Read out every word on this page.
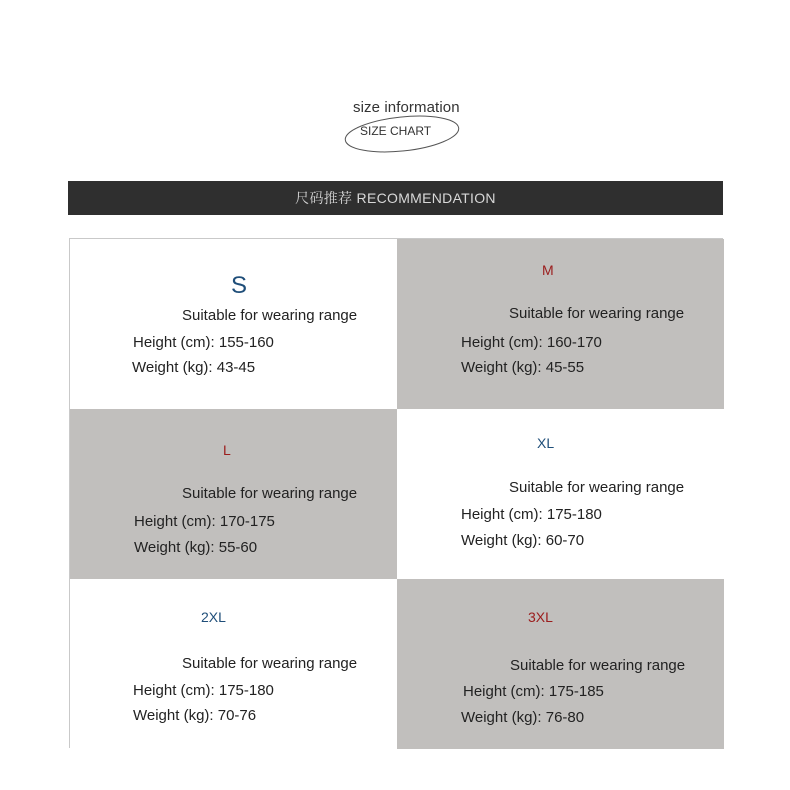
size information
SIZE CHART
尺码推荐 RECOMMENDATION
S
Suitable for wearing range
Height (cm): 155-160
Weight (kg): 43-45
M
Suitable for wearing range
Height (cm): 160-170
Weight (kg): 45-55
L
Suitable for wearing range
Height (cm): 170-175
Weight (kg): 55-60
XL
Suitable for wearing range
Height (cm): 175-180
Weight (kg): 60-70
2XL
Suitable for wearing range
Height (cm): 175-180
Weight (kg): 70-76
3XL
Suitable for wearing range
Height (cm): 175-185
Weight (kg): 76-80
